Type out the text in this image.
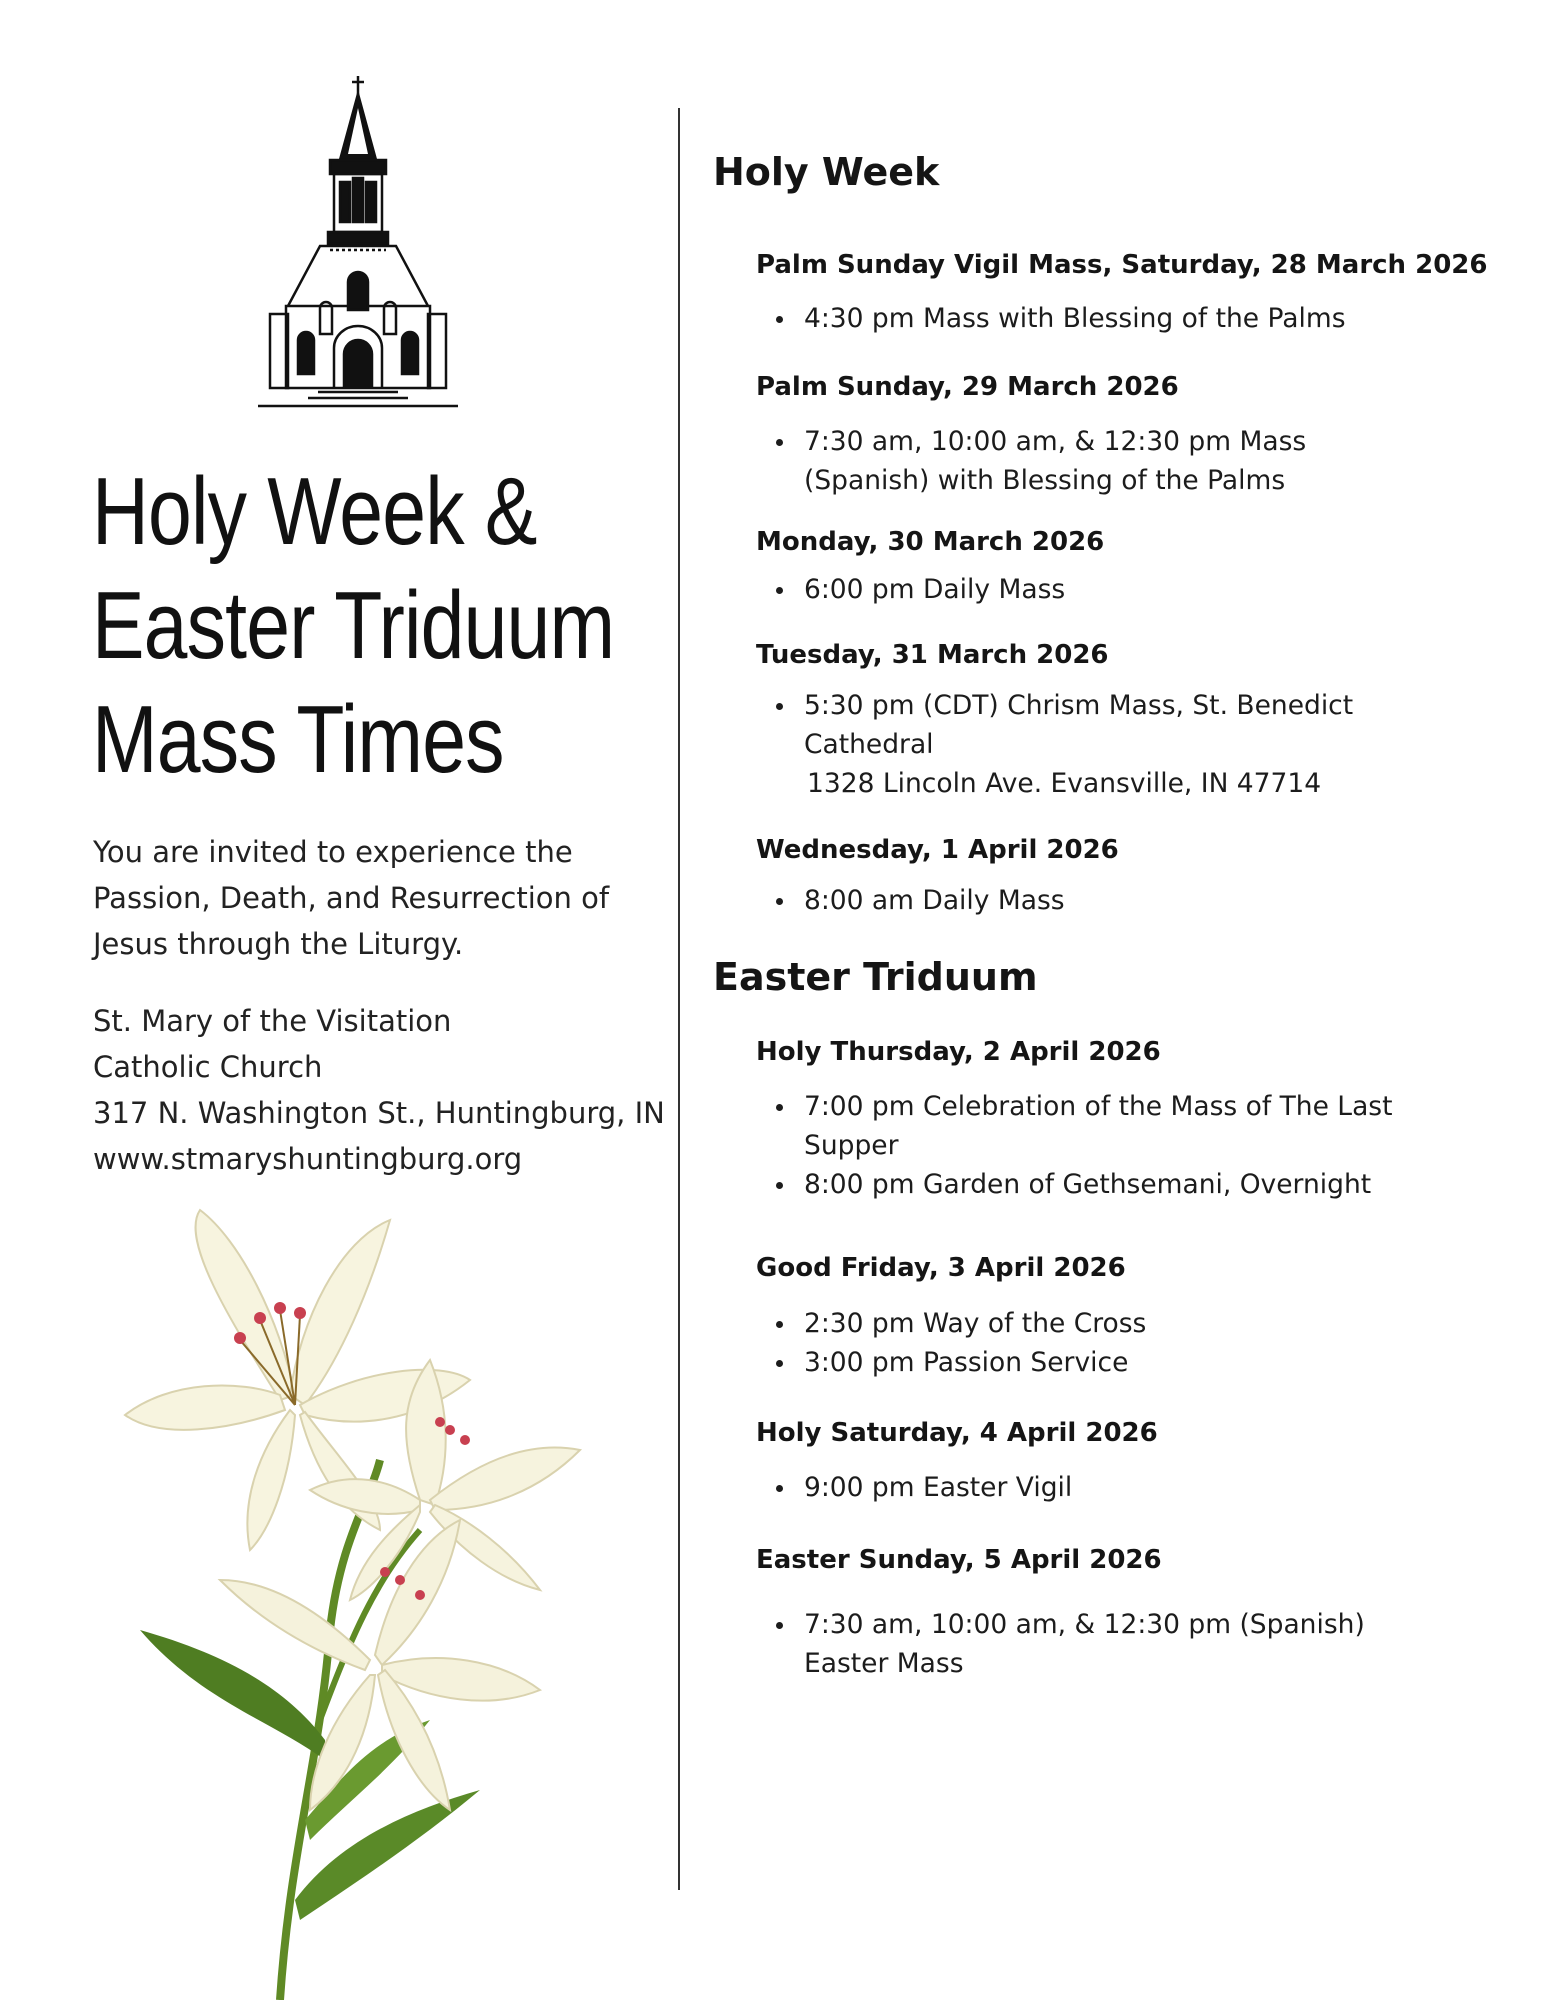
Holy Week &
Easter Triduum
Mass Times

You are invited to experience the Passion, Death, and Resurrection of Jesus through the Liturgy.

St. Mary of the Visitation
Catholic Church
317 N. Washington St., Huntingburg, IN
www.stmaryshuntingburg.org
Holy Week
Palm Sunday Vigil Mass, Saturday, 28 March 2026
4:30 pm Mass with Blessing of the Palms
Palm Sunday, 29 March 2026
7:30 am, 10:00 am, & 12:30 pm Mass (Spanish) with Blessing of the Palms
Monday, 30 March 2026
6:00 pm Daily Mass
Tuesday, 31 March 2026
5:30 pm (CDT) Chrism Mass, St. Benedict Cathedral
1328 Lincoln Ave. Evansville, IN 47714
Wednesday, 1 April 2026
8:00 am Daily Mass
Easter Triduum
Holy Thursday, 2 April 2026
7:00 pm Celebration of the Mass of The Last Supper
8:00 pm Garden of Gethsemani, Overnight
Good Friday, 3 April 2026
2:30 pm Way of the Cross
3:00 pm Passion Service
Holy Saturday, 4 April 2026
9:00 pm Easter Vigil
Easter Sunday, 5 April 2026
7:30 am, 10:00 am, & 12:30 pm (Spanish) Easter Mass
